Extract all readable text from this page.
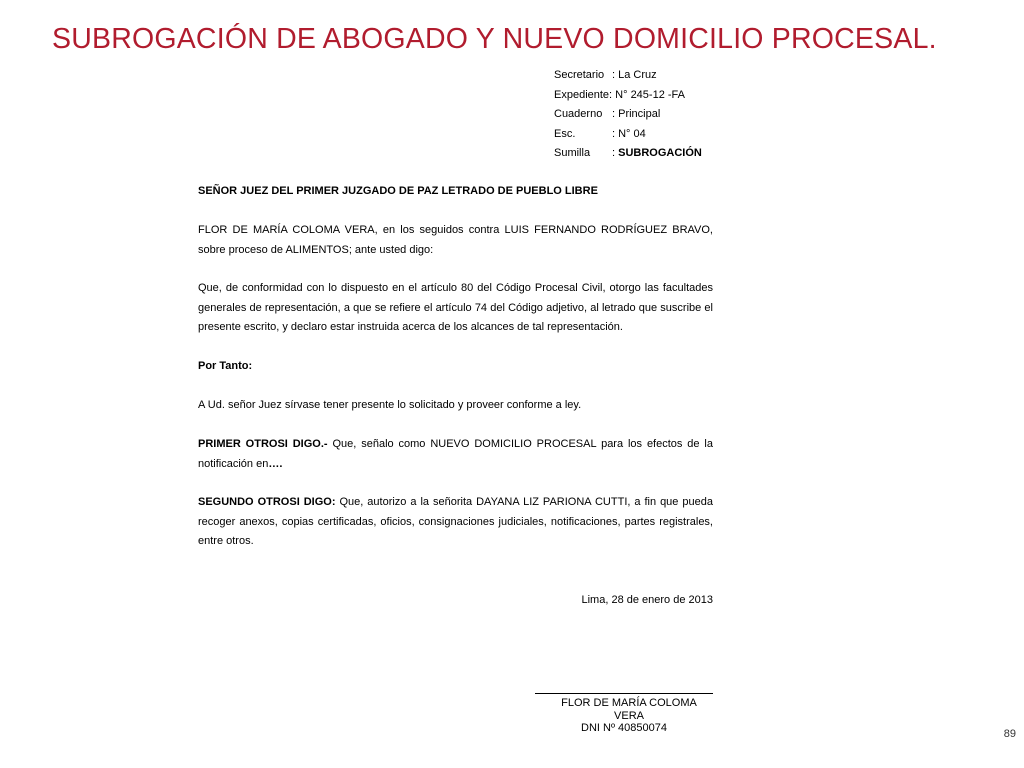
SUBROGACIÓN DE ABOGADO Y NUEVO DOMICILIO PROCESAL.
Secretario : La Cruz
Expediente: N° 245-12 -FA
Cuaderno : Principal
Esc.	: N° 04
Sumilla	: SUBROGACIÓN

SEÑOR JUEZ DEL PRIMER JUZGADO DE PAZ LETRADO DE PUEBLO LIBRE

FLOR DE MARÍA COLOMA VERA, en los seguidos contra LUIS FERNANDO RODRÍGUEZ BRAVO, sobre proceso de ALIMENTOS; ante usted digo:

Que, de conformidad con lo dispuesto en el artículo 80 del Código Procesal Civil, otorgo las facultades generales de representación, a que se refiere el artículo 74 del Código adjetivo, al letrado que suscribe el presente escrito, y declaro estar instruida acerca de los alcances de tal representación.

Por Tanto:

A Ud. señor Juez sírvase tener presente lo solicitado y proveer conforme a ley.

PRIMER OTROSI DIGO.- Que, señalo como NUEVO DOMICILIO PROCESAL para los efectos de la notificación en….

SEGUNDO OTROSI DIGO: Que, autorizo a la señorita DAYANA LIZ PARIONA CUTTI, a fin que pueda recoger anexos, copias certificadas, oficios, consignaciones judiciales, notificaciones, partes registrales, entre otros.

Lima, 28 de enero de 2013

FLOR DE MARÍA COLOMA VERA
DNI Nº 40850074	89
